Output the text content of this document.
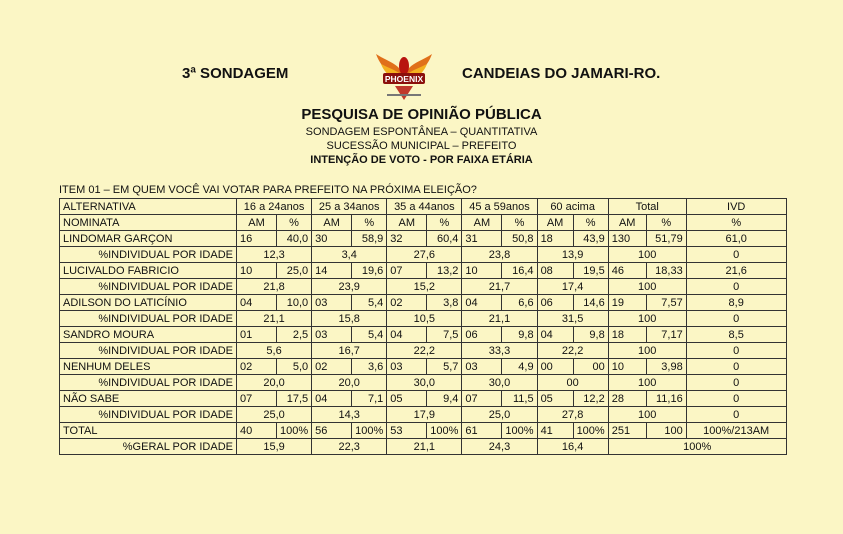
3ª SONDAGEM	PHOENIX	CANDEIAS DO JAMARI-RO.
PESQUISA DE OPINIÃO PÚBLICA
SONDAGEM ESPONTÂNEA – QUANTITATIVA
SUCESSÃO MUNICIPAL – PREFEITO
INTENÇÃO DE VOTO - POR FAIXA ETÁRIA
ITEM 01 – EM QUEM VOCÊ VAI VOTAR PARA PREFEITO NA PRÓXIMA ELEIÇÃO?
ALTERNATIVA	16 a 24anos		25 a 34anos		35 a 44anos		45 a 59anos		60 acima		Total		IVD
NOMINATA	AM	%	AM	%	AM	%	AM	%	AM	%	AM	%	%
LINDOMAR GARÇON	16	40,0	30	58,9	32	60,4	31	50,8	18	43,9	130	51,79	61,0
%INDIVIDUAL POR IDADE	12,3		3,4		27,6		23,8		13,9		100		0
LUCIVALDO FABRICIO	10	25,0	14	19,6	07	13,2	10	16,4	08	19,5	46	18,33	21,6
%INDIVIDUAL POR IDADE	21,8		23,9		15,2		21,7		17,4		100		0
ADILSON DO LATICÍNIO	04	10,0	03	5,4	02	3,8	04	6,6	06	14,6	19	7,57	8,9
%INDIVIDUAL POR IDADE	21,1		15,8		10,5		21,1		31,5		100		0
SANDRO MOURA	01	2,5	03	5,4	04	7,5	06	9,8	04	9,8	18	7,17	8,5
%INDIVIDUAL POR IDADE	5,6		16,7		22,2		33,3		22,2		100		0
NENHUM DELES	02	5,0	02	3,6	03	5,7	03	4,9	00	00	10	3,98	0
%INDIVIDUAL POR IDADE	20,0		20,0		30,0		30,0		00		100		0
NÃO SABE	07	17,5	04	7,1	05	9,4	07	11,5	05	12,2	28	11,16	0
%INDIVIDUAL POR IDADE	25,0		14,3		17,9		25,0		27,8		100		0
TOTAL	40	100%	56	100%	53	100%	61	100%	41	100%	251	100	100%/213AM
%GERAL POR IDADE	15,9		22,3		21,1		24,3		16,4		100%		
